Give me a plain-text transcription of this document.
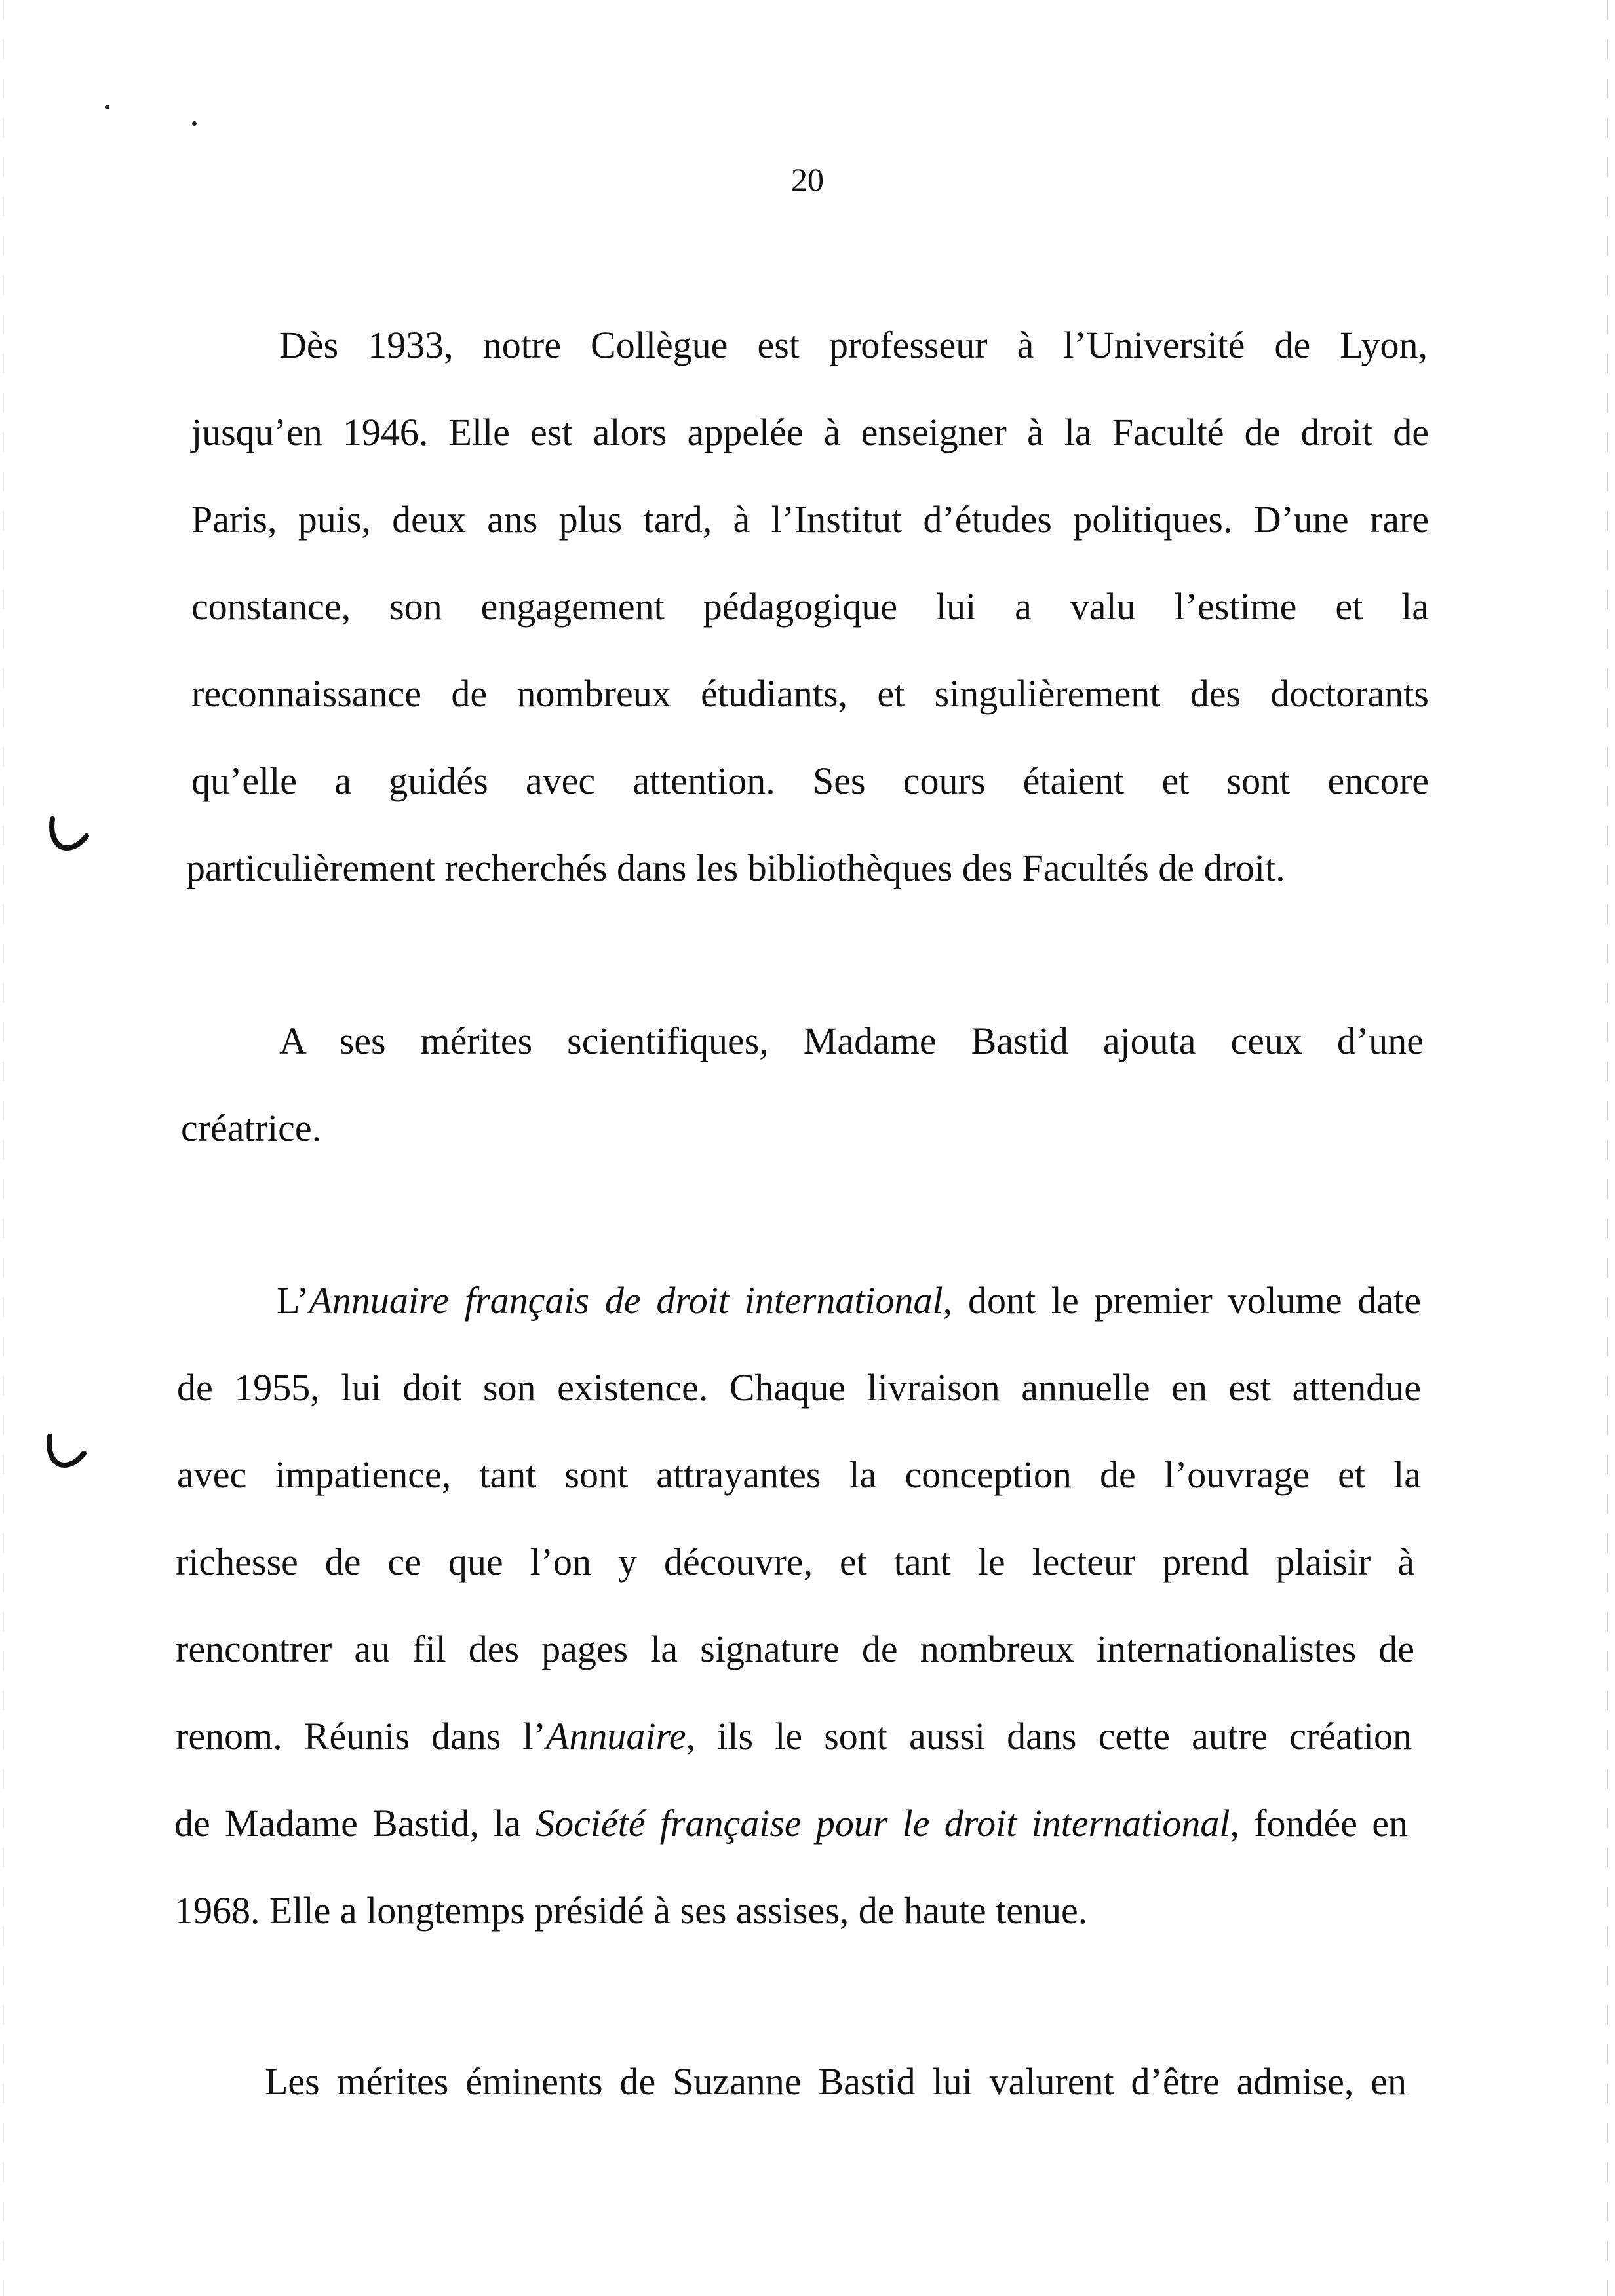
20
Dès 1933, notre Collègue est professeur à l’Université de Lyon,
jusqu’en 1946. Elle est alors appelée à enseigner à la Faculté de droit de
Paris, puis, deux ans plus tard, à l’Institut d’études politiques. D’une rare
constance, son engagement pédagogique lui a valu l’estime et la
reconnaissance de nombreux étudiants, et singulièrement des doctorants
qu’elle a guidés avec attention. Ses cours étaient et sont encore
particulièrement recherchés dans les bibliothèques des Facultés de droit.
A ses mérites scientifiques, Madame Bastid ajouta ceux d’une
créatrice.
L’Annuaire français de droit international, dont le premier volume date
de 1955, lui doit son existence. Chaque livraison annuelle en est attendue
avec impatience, tant sont attrayantes la conception de l’ouvrage et la
richesse de ce que l’on y découvre, et tant le lecteur prend plaisir à
rencontrer au fil des pages la signature de nombreux internationalistes de
renom. Réunis dans l’Annuaire, ils le sont aussi dans cette autre création
de Madame Bastid, la Société française pour le droit international, fondée en
1968. Elle a longtemps présidé à ses assises, de haute tenue.
Les mérites éminents de Suzanne Bastid lui valurent d’être admise, en
